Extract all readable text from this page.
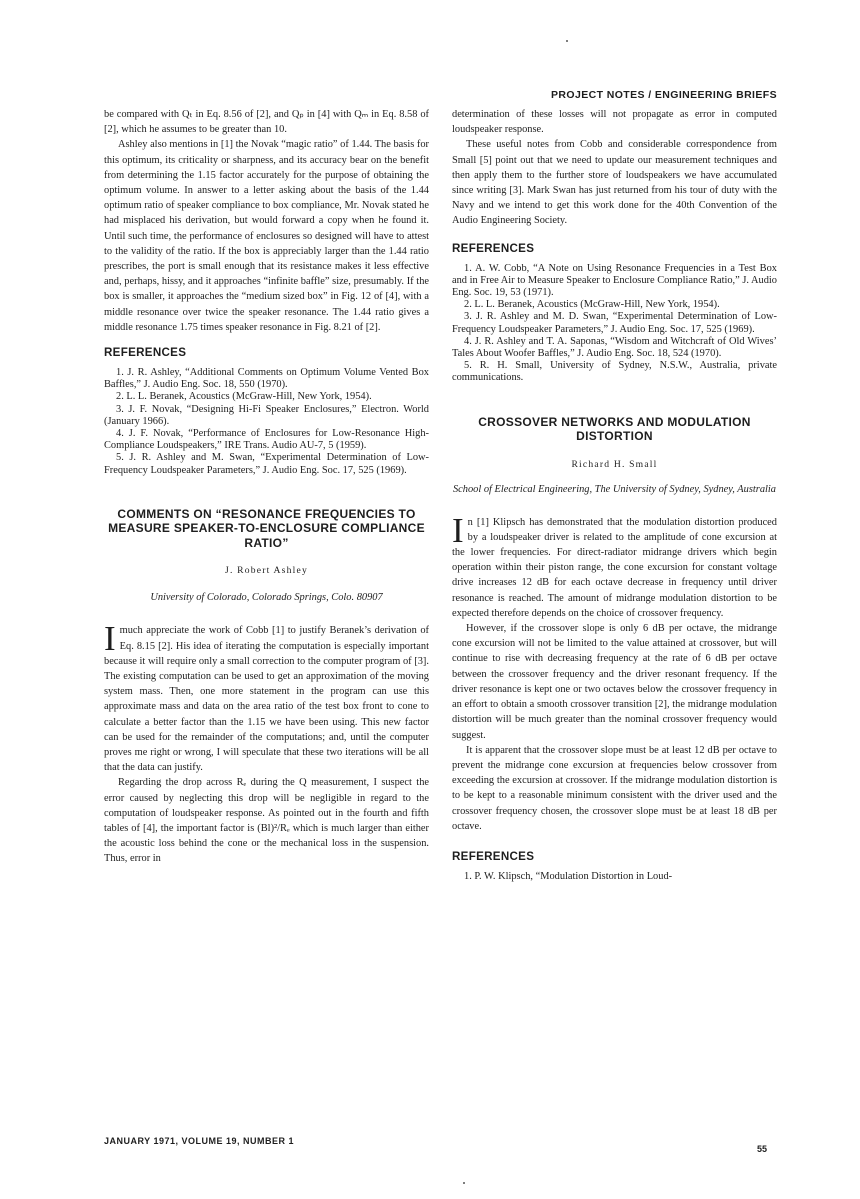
PROJECT NOTES / ENGINEERING BRIEFS

be compared with Qₜ in Eq. 8.56 of [2], and Qₚ in [4] with Qₘ in Eq. 8.58 of [2], which he assumes to be greater than 10.

Ashley also mentions in [1] the Novak “magic ratio” of 1.44. The basis for this optimum, its criticality or sharpness, and its accuracy bear on the benefit from determining the 1.15 factor accurately for the purpose of obtaining the optimum volume. In answer to a letter asking about the basis of the 1.44 optimum ratio of speaker compliance to box compliance, Mr. Novak stated he had misplaced his derivation, but would forward a copy when he found it. Until such time, the performance of enclosures so designed will have to attest to the validity of the ratio. If the box is appreciably larger than the 1.44 ratio prescribes, the port is small enough that its resistance makes it less effective and, perhaps, hissy, and it approaches “infinite baffle” size, presumably. If the box is smaller, it approaches the “medium sized box” in Fig. 12 of [4], with a middle resonance over twice the speaker resonance. The 1.44 ratio gives a middle resonance 1.75 times speaker resonance in Fig. 8.21 of [2].

REFERENCES
1. J. R. Ashley, “Additional Comments on Optimum Volume Vented Box Baffles,” J. Audio Eng. Soc. 18, 550 (1970).
2. L. L. Beranek, Acoustics (McGraw-Hill, New York, 1954).
3. J. F. Novak, “Designing Hi-Fi Speaker Enclosures,” Electron. World (January 1966).
4. J. F. Novak, “Performance of Enclosures for Low-Resonance High-Compliance Loudspeakers,” IRE Trans. Audio AU-7, 5 (1959).
5. J. R. Ashley and M. Swan, “Experimental Determination of Low-Frequency Loudspeaker Parameters,” J. Audio Eng. Soc. 17, 525 (1969).
COMMENTS ON “RESONANCE FREQUENCIES TO MEASURE SPEAKER-TO-ENCLOSURE COMPLIANCE RATIO”
J. Robert Ashley
University of Colorado, Colorado Springs, Colo. 80907
I much appreciate the work of Cobb [1] to justify Beranek’s derivation of Eq. 8.15 [2]. His idea of iterating the computation is especially important because it will require only a small correction to the computer program of [3]. The existing computation can be used to get an approximation of the moving system mass. Then, one more statement in the program can use this approximate mass and data on the area ratio of the test box front to cone to calculate a better factor than the 1.15 we have been using. This new factor can be used for the remainder of the computations; and, until the computer proves me right or wrong, I will speculate that these two iterations will be all that the data can justify.

Regarding the drop across Rₑ during the Q measurement, I suspect the error caused by neglecting this drop will be negligible in regard to the computation of loudspeaker response. As pointed out in the fourth and fifth tables of [4], the important factor is (Bl)²/Rₑ which is much larger than either the acoustic loss behind the cone or the mechanical loss in the suspension. Thus, error in

determination of these losses will not propagate as error in computed loudspeaker response.

These useful notes from Cobb and considerable correspondence from Small [5] point out that we need to update our measurement techniques and then apply them to the further store of loudspeakers we have accumulated since writing [3]. Mark Swan has just returned from his tour of duty with the Navy and we intend to get this work done for the 40th Convention of the Audio Engineering Society.

REFERENCES
1. A. W. Cobb, “A Note on Using Resonance Frequencies in a Test Box and in Free Air to Measure Speaker to Enclosure Compliance Ratio,” J. Audio Eng. Soc. 19, 53 (1971).
2. L. L. Beranek, Acoustics (McGraw-Hill, New York, 1954).
3. J. R. Ashley and M. D. Swan, “Experimental Determination of Low-Frequency Loudspeaker Parameters,” J. Audio Eng. Soc. 17, 525 (1969).
4. J. R. Ashley and T. A. Saponas, “Wisdom and Witchcraft of Old Wives’ Tales About Woofer Baffles,” J. Audio Eng. Soc. 18, 524 (1970).
5. R. H. Small, University of Sydney, N.S.W., Australia, private communications.
CROSSOVER NETWORKS AND MODULATION DISTORTION
Richard H. Small
School of Electrical Engineering, The University of Sydney, Sydney, Australia
I n [1] Klipsch has demonstrated that the modulation distortion produced by a loudspeaker driver is related to the amplitude of cone excursion at the lower frequencies. For direct-radiator midrange drivers which begin operation within their piston range, the cone excursion for constant voltage drive increases 12 dB for each octave decrease in frequency until driver resonance is reached. The amount of midrange modulation distortion to be expected therefore depends on the choice of crossover frequency.

However, if the crossover slope is only 6 dB per octave, the midrange cone excursion will not be limited to the value attained at crossover, but will continue to rise with decreasing frequency at the rate of 6 dB per octave between the crossover frequency and the driver resonant frequency. If the driver resonance is kept one or two octaves below the crossover frequency in an effort to obtain a smooth crossover transition [2], the midrange modulation distortion will be much greater than the nominal crossover frequency would suggest.

It is apparent that the crossover slope must be at least 12 dB per octave to prevent the midrange cone excursion at frequencies below crossover from exceeding the excursion at crossover. If the midrange modulation distortion is to be kept to a reasonable minimum consistent with the driver used and the crossover frequency chosen, the crossover slope must be at least 18 dB per octave.

REFERENCES
1. P. W. Klipsch, “Modulation Distortion in Loud-
JANUARY 1971, VOLUME 19, NUMBER 1
55
